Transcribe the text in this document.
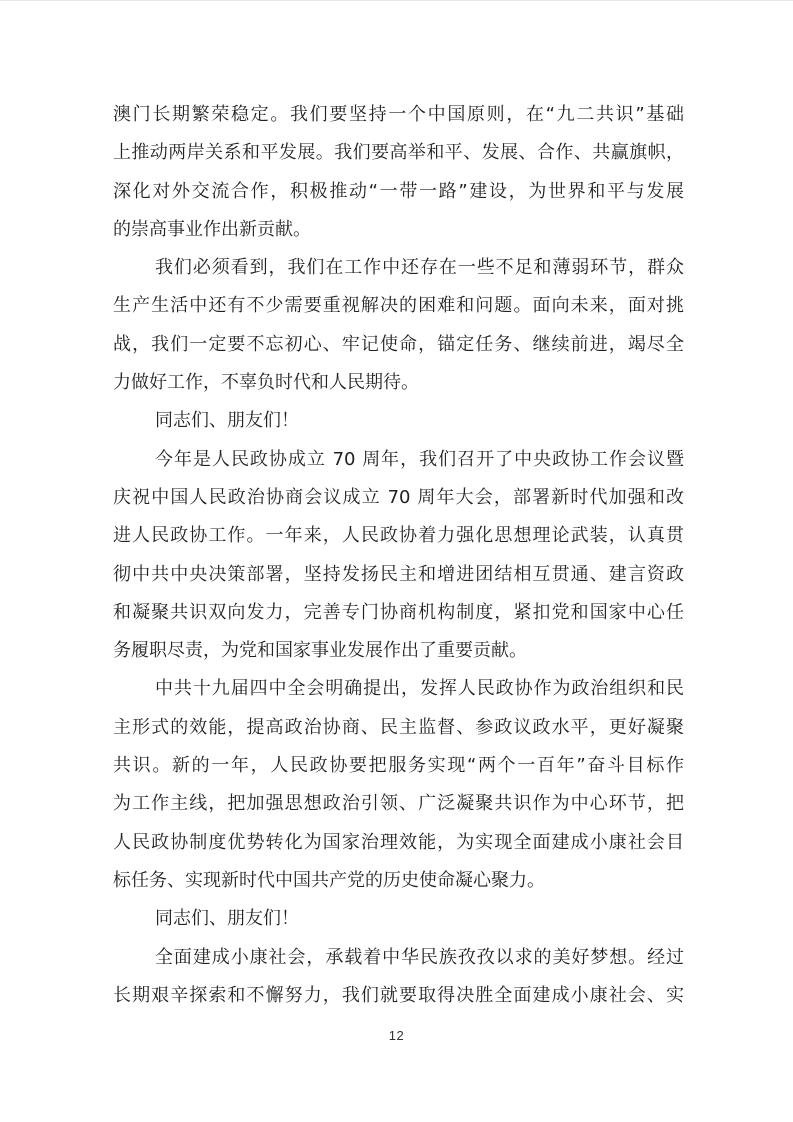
澳门长期繁荣稳定。我们要坚持一个中国原则，在“九二共识”基础
上推动两岸关系和平发展。我们要高举和平、发展、合作、共赢旗帜，
深化对外交流合作，积极推动“一带一路”建设，为世界和平与发展
的崇高事业作出新贡献。
我们必须看到，我们在工作中还存在一些不足和薄弱环节，群众
生产生活中还有不少需要重视解决的困难和问题。面向未来，面对挑
战，我们一定要不忘初心、牢记使命，锚定任务、继续前进，竭尽全
力做好工作，不辜负时代和人民期待。
同志们、朋友们！
今年是人民政协成立 70 周年，我们召开了中央政协工作会议暨
庆祝中国人民政治协商会议成立 70 周年大会，部署新时代加强和改
进人民政协工作。一年来，人民政协着力强化思想理论武装，认真贯
彻中共中央决策部署，坚持发扬民主和增进团结相互贯通、建言资政
和凝聚共识双向发力，完善专门协商机构制度，紧扣党和国家中心任
务履职尽责，为党和国家事业发展作出了重要贡献。
中共十九届四中全会明确提出，发挥人民政协作为政治组织和民
主形式的效能，提高政治协商、民主监督、参政议政水平，更好凝聚
共识。新的一年，人民政协要把服务实现“两个一百年”奋斗目标作
为工作主线，把加强思想政治引领、广泛凝聚共识作为中心环节，把
人民政协制度优势转化为国家治理效能，为实现全面建成小康社会目
标任务、实现新时代中国共产党的历史使命凝心聚力。
同志们、朋友们！
全面建成小康社会，承载着中华民族孜孜以求的美好梦想。经过
长期艰辛探索和不懈努力，我们就要取得决胜全面建成小康社会、实
12
